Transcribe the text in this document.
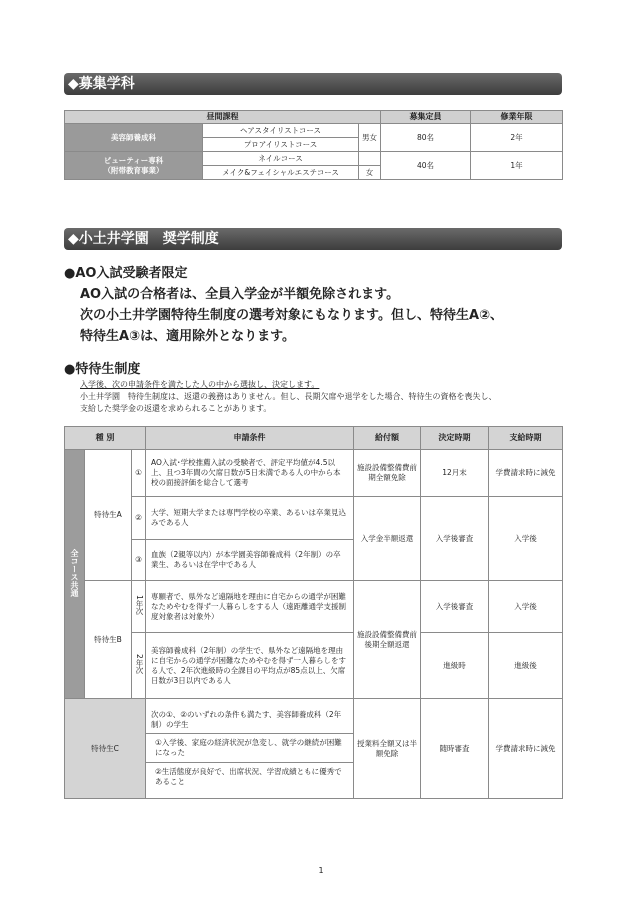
◆募集学科
昼間課程			募集定員	修業年限
美容師養成科	ヘアスタイリストコース	男女	80名	2年
	プロアイリストコース			

ビューティー専科
（附帯教育事業）	ネイルコース		40名	1年
	メイク&フェイシャルエステコース	女		
◆小土井学園　奨学制度
●AO入試受験者限定
AO入試の合格者は、全員入学金が半額免除されます。
次の小土井学園特待生制度の選考対象にもなります。但し、特待生A②、
特待生A③は、適用除外となります。
●特待生制度
入学後、次の申請条件を満たした人の中から選抜し、決定します。
小土井学園　特待生制度は、返還の義務はありません。但し、長期欠席や退学をした場合、特待生の資格を喪失し、
支給した奨学金の返還を求められることがあります。
種 別			申請条件	給付額	決定時期	支給時期
全コース共通	特待生A	①	AO入試･学校推薦入試の受験者で、評定平均値が4.5以上、且つ3年間の欠席日数が5日未満である人の中から本校の面接評価を総合して選考	施設設備整備費前期全額免除	12月末	学費請求時に減免
		②	大学、短期大学または専門学校の卒業、あるいは卒業見込みである人	入学金半額返還	入学後審査	入学後
		③	血族（2親等以内）が本学園美容師養成科（2年制）の卒業生、あるいは在学中である人			
	特待生B	1年次	専願者で、県外など遠隔地を理由に自宅からの通学が困難なためやむを得ず一人暮らしをする人（遠距離通学支援制度対象者は対象外）	施設設備整備費前後期全額返還	入学後審査	入学後
		2年次	美容師養成科（2年制）の学生で、県外など遠隔地を理由に自宅からの通学が困難なためやむを得ず一人暮らしをする人で、2年次進級時の全課目の平均点が85点以上、欠席日数が3日以内である人		進級時	進級後
特待生C			次の①、②のいずれの条件も満たす、美容師養成科（2年制）の学生
①入学後、家庭の経済状況が急変し、就学の継続が困難になった
②生活態度が良好で、出席状況、学習成績ともに優秀であること	授業料全額又は半額免除	随時審査	学費請求時に減免
1
